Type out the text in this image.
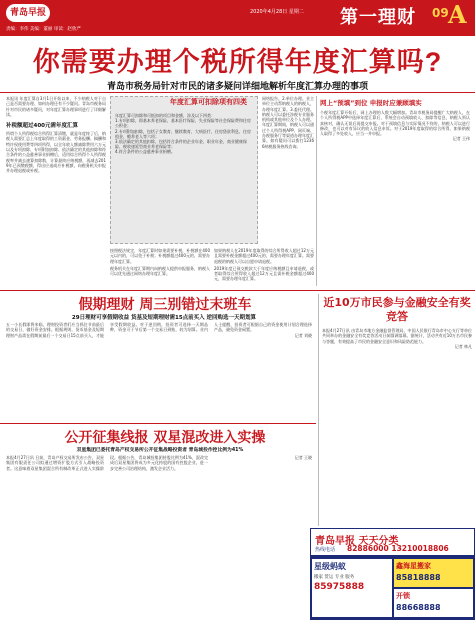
青岛早报
责编：李伟 美编：董丽 审读：赵欣严
2020年4月28日 星期二 第一理财 09 A
你需要办理个税所得年度汇算吗?
青岛市税务局针对市民的诸多疑问详细地解析年度汇算办理的事项
本报讯 年度汇算自3月1日开始以来，不少纳税人对于自己是否需要办理、如何办理还有不少疑问。青岛市税务局针对市民的诸多疑问，对年度汇算办理事项进行了详细解读。
补税额超过400元需年度汇算
所谓个人所得税综合所得汇算清缴，就是年度终了后，纳税人需要汇总上年度取得的工资薪金、劳务报酬、稿酬和特许权使用费等四项所得，以全年收入额减除费用六万元以及专项扣除、专项附加扣除、依法确定的其他扣除和符合条件的公益慈善事业捐赠后，适用综合所得个人所得税税率并减去速算扣除数，计算最终应纳税额，再减去2019年已预缴税额，得出应退或应补税额，向税务机关申报并办理退税或补税。
年度汇算可扣除和可抵扣的项目和金额，涉及以下四类：
1.专项扣除，即基本养老保险、基本医疗保险、失业保险等社会保险费和住房公积金；
2.专项附加扣除，包括子女教育、继续教育、大病医疗、住房贷款利息、住房租金、赡养老人等六项；
3.依法确定的其他扣除，包括符合条件的企业年金、职业年金、商业健康保险、税收递延型商业养老保险等；
4.符合条件的公益慈善事业捐赠。
年度汇算可扣除项有四类	网络报告。2.单位办理。业主单位主动帮纳税人的纳税人，办理年度汇算。3.委托代理。纳税人可以委托涉税专业服务机构或其他单位及个人办理。年度汇算期间，纳税人可以通过个人所得税APP、网页端、办税服务厅等渠道办理年度汇算。如有疑问可以拨打12366纳税服务热线咨询。
按照税法规定，年度汇算时如果需要补税，补税额在400元以内的，可以免于补税；补税额超过400元的，需要办理年度汇算。
税务机关在年度汇算期内向纳税人提供申报服务，纳税人可以优先通过网络办理年度汇算。
如果纳税人在2019年度取得的综合所得收入超过12万元且需要补税金额超过400元的，需要办理年度汇算。需要退税的纳税人可以自愿申请退税。
2019年度已预交税款大于年度应纳税额且申请退税，或者取得综合所得收入超过12万元且需补税金额超过400元，需要办理年度汇算。
网上“预填”到位 申报时应兼顾填实
个税年度汇算开始后，网上办理的人数大幅增加。青岛市税务局提醒广大纳税人，在个人所得税APP中选择年度汇算后，系统会自动预填收入、扣除等信息，纳税人须认真核对，确认无误后再提交申报。对于预填信息与实际情况不符的，纳税人可以进行修改，也可以对有异议的收入信息申诉。对于2019年度取得的综合所得，如果纳税人取得了多处收入，应当一并申报。
记者 王伟
假期理财 周三别错过末班车
29日理财可享假期收益 货基及短期理财需15点前买入 逆回购选一天期划算
五一小长假即将来临，理财投资者们应当抓住节前最后的交易日，做好资金安排。根据规则，货币基金及短期理财产品需在假期前最后一个交易日15点前买入，才能享受假期收益。对于逆回购，投资者可选择一天期品种，资金可于节后第一个交易日到账，较为划算。业内人士提醒，投资者可根据自己的资金使用计划合理选择产品，避免资金闲置。
记者 刘晓
近10万市民参与金融安全有奖竞答
本报4月27日讯 由青岛市地方金融监督管理局、中国人民银行青岛市中心支行等单位共同举办的金融安全有奖竞答活动日前圆满落幕。据统计，活动共有近10万名市民参与答题，有效提高了市民的金融安全意识和风险防范能力。
记者 林凡
公开征集线报 双星混改进入实操
双星集团已委托青岛产权交易所公开征集战略投资者 青岛城投作控比例为41%
本报4月27日讯 日前，青岛产权交易所发布公告，双星集团有限责任公司拟通过增资扩股方式引入战略投资者。这意味着双星集团混合所有制改革正式进入实操阶段。根据公告，青岛城投集团持股比例为41%，混改完成后双星集团将成为多元化持股的国有控股企业，进一步完善公司治理结构，激发企业活力。
记者 王晓
青岛早报 天天分类
热线电话 82886000 13210018806
星级蚂蚁
搬家 货运 专业 服务
85975888
鑫海星搬家
85818888
开锁
88668888
